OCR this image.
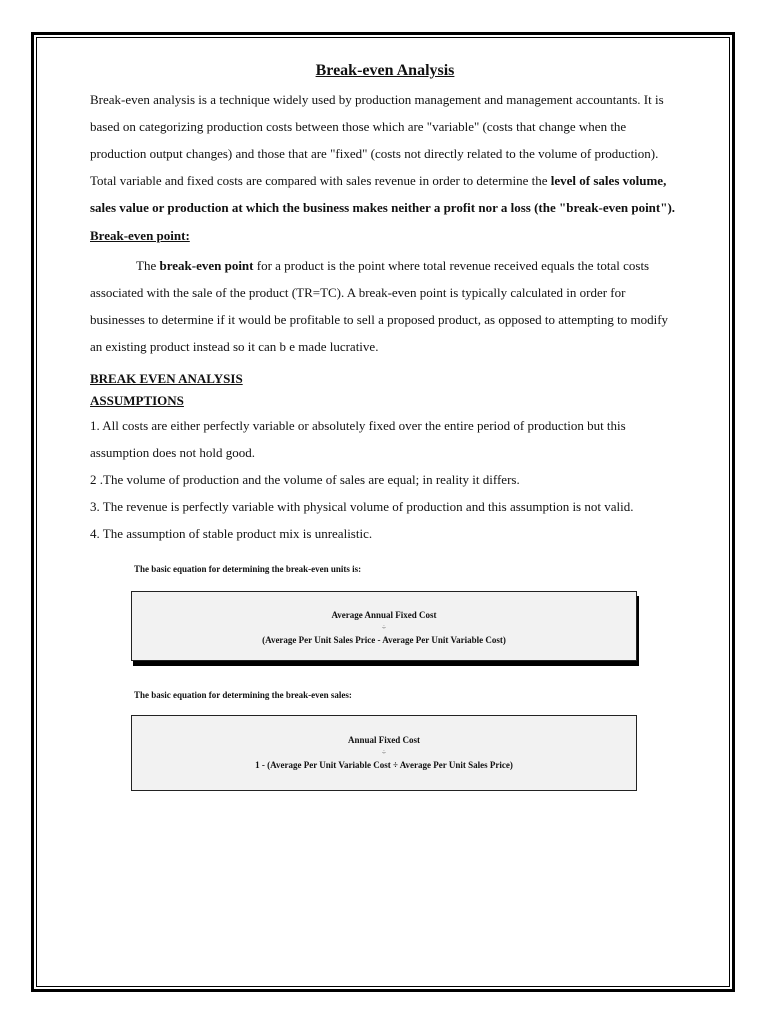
Break-even Analysis

Break-even analysis is a technique widely used by production management and management accountants. It is based on categorizing production costs between those which are "variable" (costs that change when the production output changes) and those that are "fixed" (costs not directly related to the volume of production).

Total variable and fixed costs are compared with sales revenue in order to determine the level of sales volume, sales value or production at which the business makes neither a profit nor a loss (the "break-even point").

Break-even point:

The break-even point for a product is the point where total revenue received equals the total costs associated with the sale of the product (TR=TC). A break-even point is typically calculated in order for businesses to determine if it would be profitable to sell a proposed product, as opposed to attempting to modify an existing product instead so it can b e made lucrative.

BREAK EVEN ANALYSIS
ASSUMPTIONS

1. All costs are either perfectly variable or absolutely fixed over the entire period of production but this assumption does not hold good.

2 .The volume of production and the volume of sales are equal; in reality it differs.

3. The revenue is perfectly variable with physical volume of production and this assumption is not valid.

4. The assumption of stable product mix is unrealistic.

The basic equation for determining the break-even units is:
Average Annual Fixed Cost
÷
(Average Per Unit Sales Price - Average Per Unit Variable Cost)
The basic equation for determining the break-even sales:
Annual Fixed Cost
÷
1 - (Average Per Unit Variable Cost ÷ Average Per Unit Sales Price)
